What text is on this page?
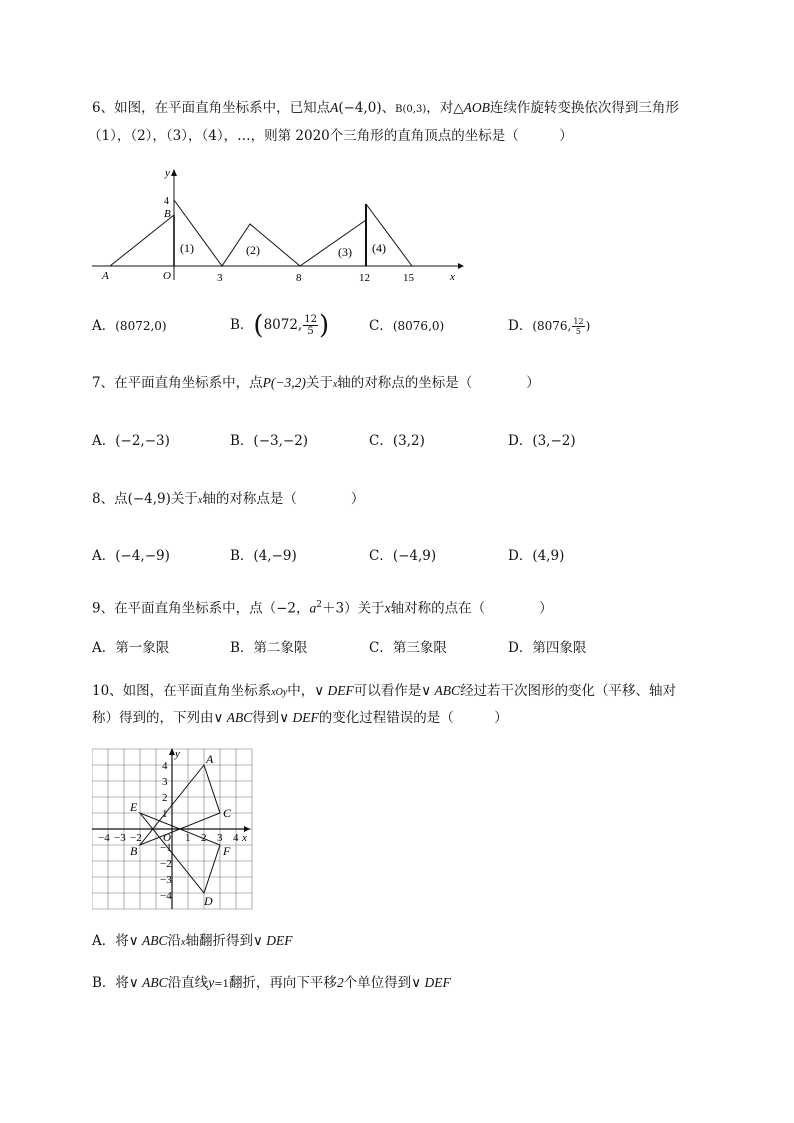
6、如图，在平面直角坐标系中，已知点A(−4,0)、B(0,3)，对△AOB连续作旋转变换依次得到三角形
（1），（2），（3），（4），…，则第 2020个三角形的直角顶点的坐标是（　　　）
y
x
O
A
B
4
3	8	12	15
(1)	(2)	(3) (4)
A．(8072,0)	B．(8072, $\frac{12}{5}$ )	C．(8076,0)	D．(8076, $\frac{12}{5}$ )
7、在平面直角坐标系中，点P(−3,2)关于x轴的对称点的坐标是（　　　　）
A．(−2,−3)	B．(−3,−2)	C．(3,2)	D．(3,−2)
8、点(−4,9)关于x轴的对称点是（　　　　）
A．(−4,−9)	B．(4,−9)	C．(−4,9)	D．(4,9)
9、在平面直角坐标系中，点（−2，$a^2+3$）关于x轴对称的点在（　　　　）
A．第一象限	B．第二象限	C．第三象限	D．第四象限
10、如图，在平面直角坐标系xOy中，∨ DEF可以看作是∨ ABC经过若干次图形的变化（平移、轴对
称）得到的，下列由∨ ABC得到∨ DEF的变化过程错误的是（　　　）
x
y
O
−4 −3 −2	1 2 3 4
4
3
2
1
−1
−2
−3
−4
A
B
C
D
E
F
A．将∨ ABC沿x轴翻折得到∨ DEF
B．将∨ ABC沿直线y=1翻折，再向下平移2个单位得到∨ DEF
